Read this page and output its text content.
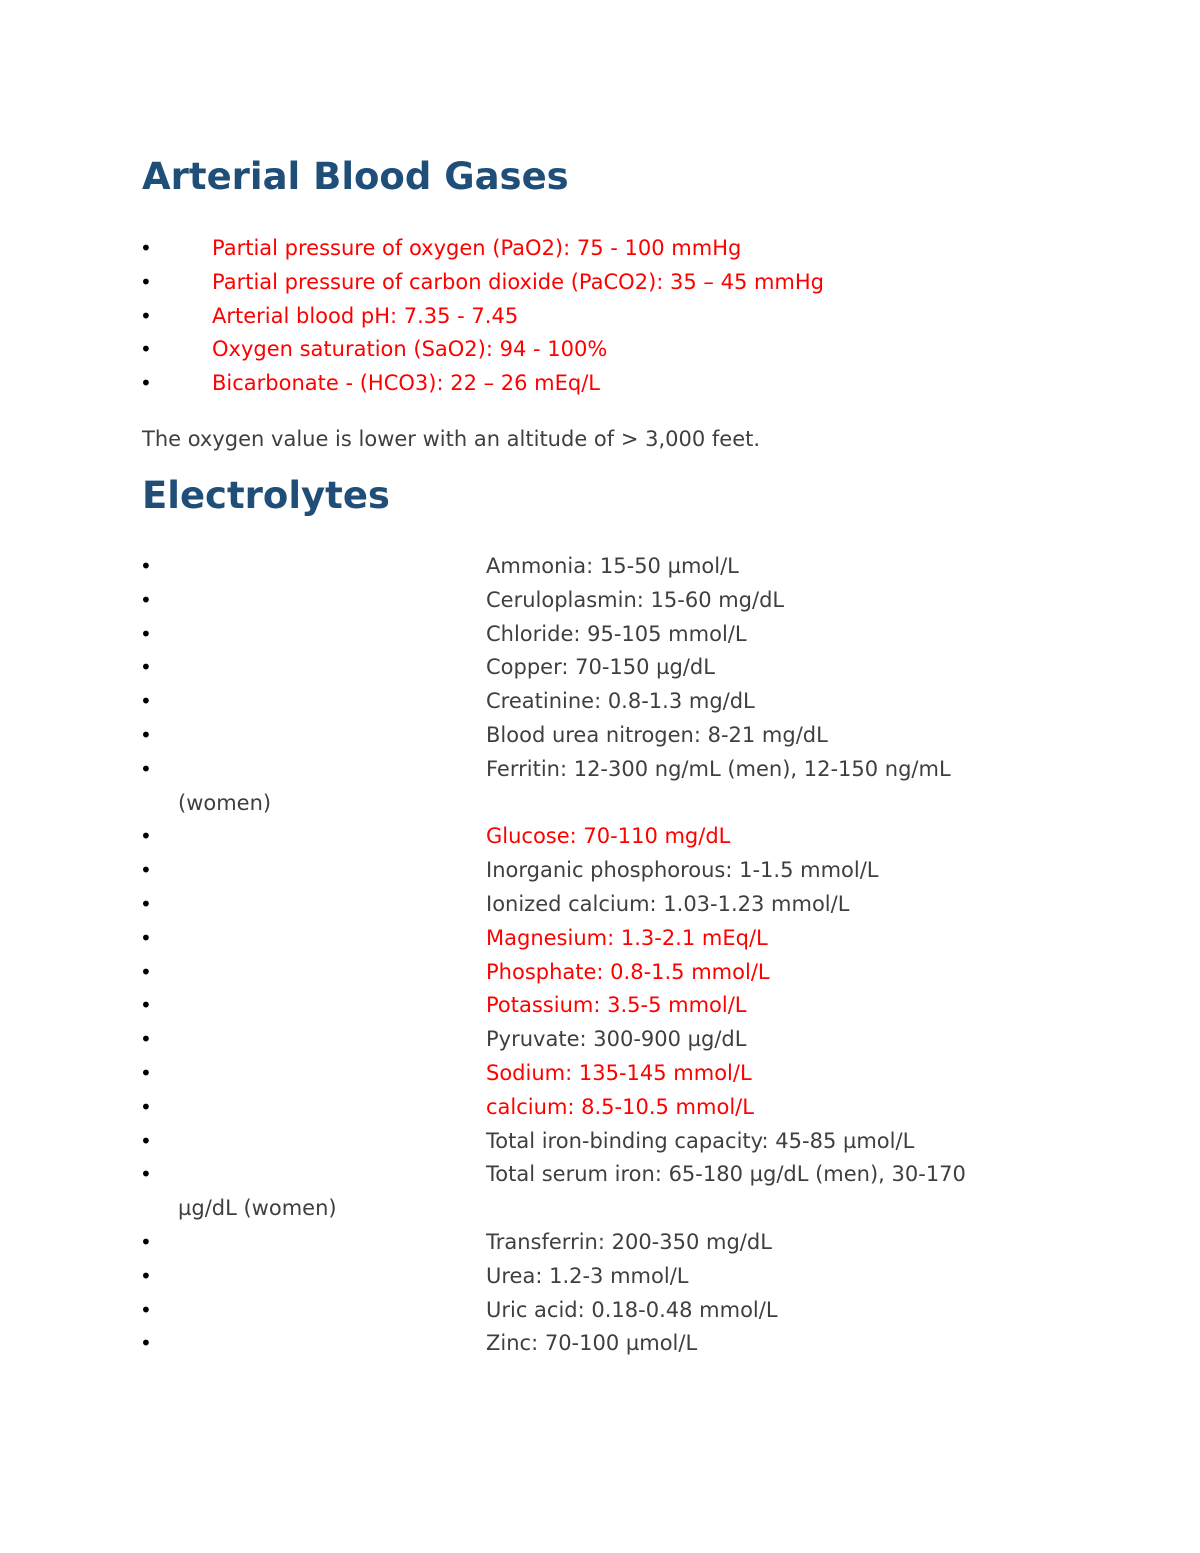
Arterial Blood Gases
•	Partial pressure of oxygen (PaO2): 75 - 100 mmHg
•	Partial pressure of carbon dioxide (PaCO2): 35 – 45 mmHg
•	Arterial blood pH: 7.35 - 7.45
•	Oxygen saturation (SaO2): 94 - 100%
•	Bicarbonate - (HCO3): 22 – 26 mEq/L

The oxygen value is lower with an altitude of > 3,000 feet.

Electrolytes
•	Ammonia: 15-50 µmol/L
•	Ceruloplasmin: 15-60 mg/dL
•	Chloride: 95-105 mmol/L
•	Copper: 70-150 µg/dL
•	Creatinine: 0.8-1.3 mg/dL
•	Blood urea nitrogen: 8-21 mg/dL
•	Ferritin: 12-300 ng/mL (men), 12-150 ng/mL
(women)
•	Glucose: 70-110 mg/dL
•	Inorganic phosphorous: 1-1.5 mmol/L
•	Ionized calcium: 1.03-1.23 mmol/L
•	Magnesium: 1.3-2.1 mEq/L
•	Phosphate: 0.8-1.5 mmol/L
•	Potassium: 3.5-5 mmol/L
•	Pyruvate: 300-900 µg/dL
•	Sodium: 135-145 mmol/L
•	calcium: 8.5-10.5 mmol/L
•	Total iron-binding capacity: 45-85 µmol/L
•	Total serum iron: 65-180 µg/dL (men), 30-170
µg/dL (women)
•	Transferrin: 200-350 mg/dL
•	Urea: 1.2-3 mmol/L
•	Uric acid: 0.18-0.48 mmol/L
•	Zinc: 70-100 µmol/L
